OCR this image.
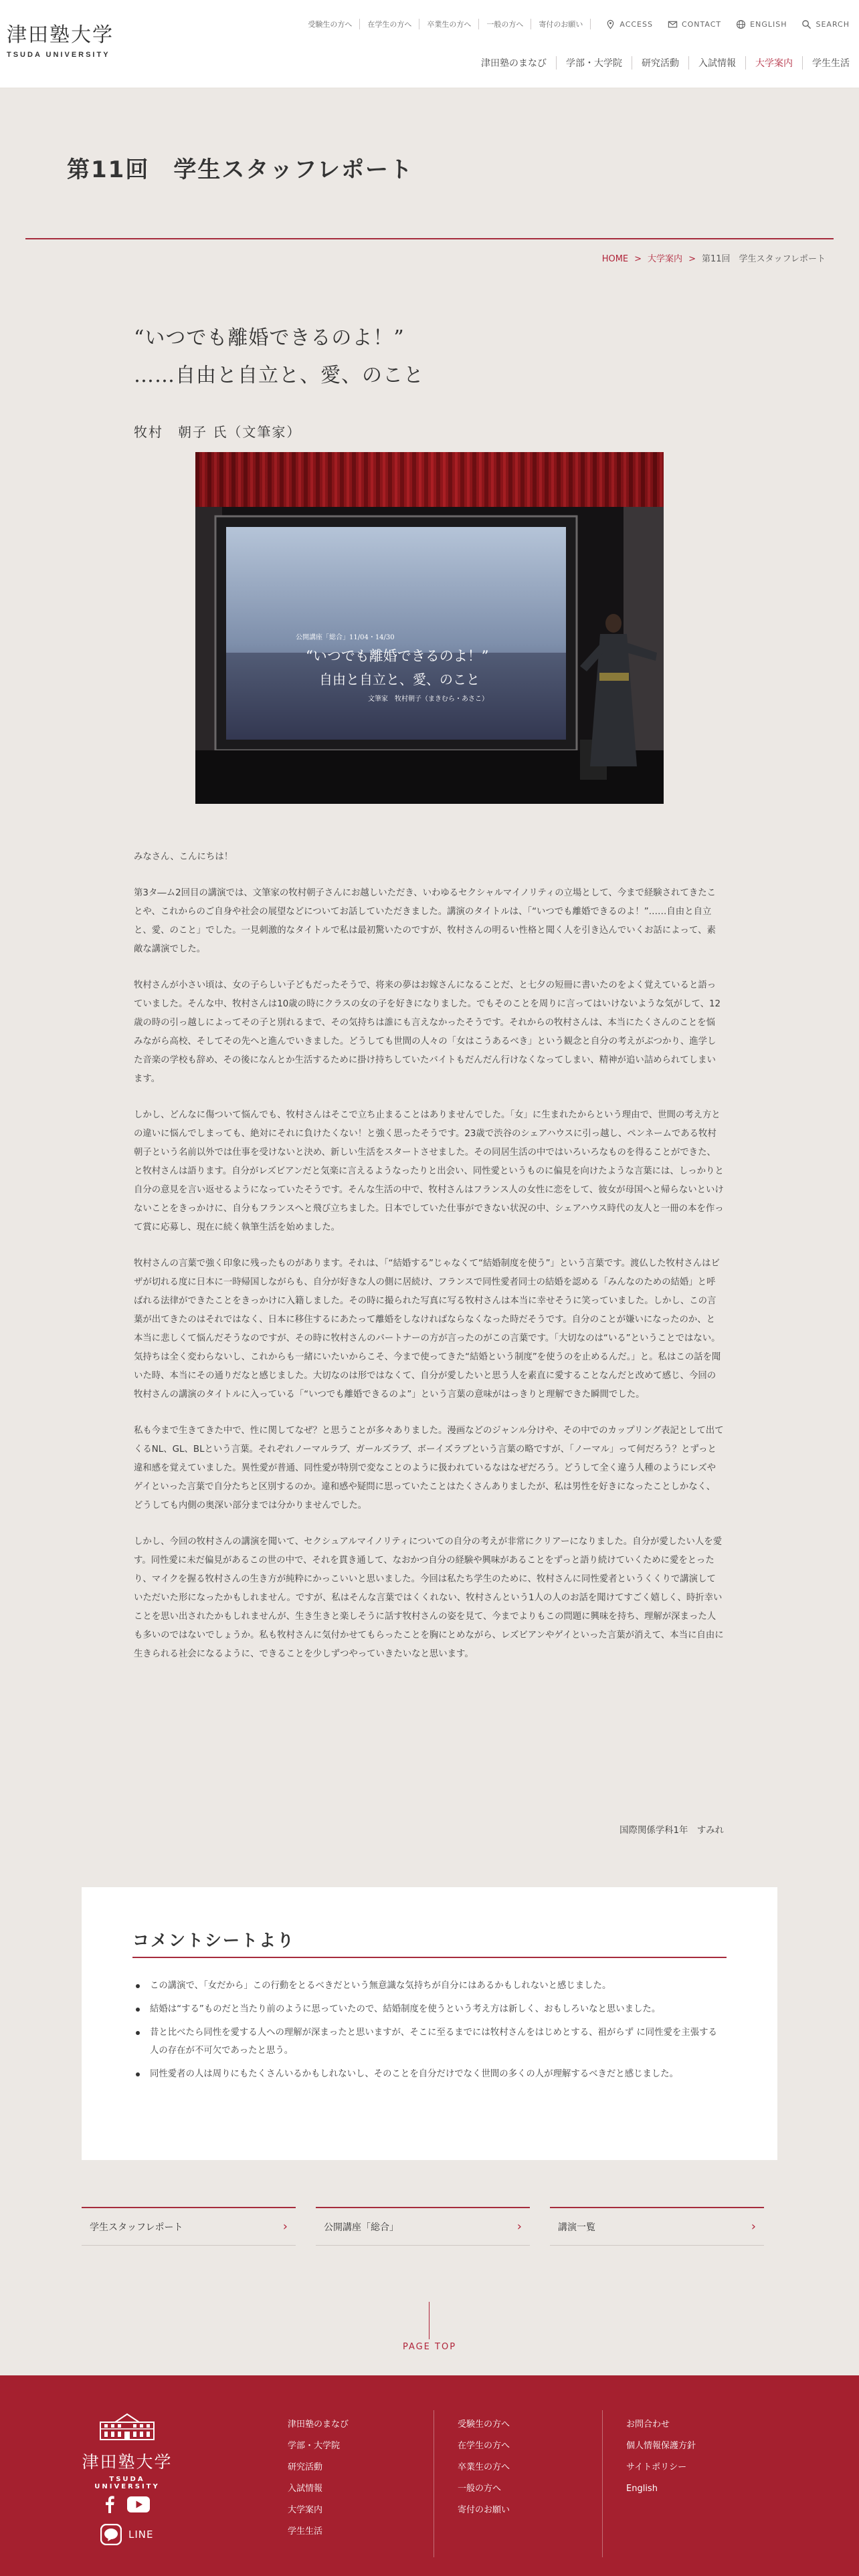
津田塾大学
TSUDA UNIVERSITY
受験生の方へ	在学生の方へ	卒業生の方へ	一般の方へ	寄付のお願い	ACCESS	CONTACT	ENGLISH	SEARCH
津田塾のまなび	学部・大学院	研究活動	入試情報	大学案内	学生生活
第11回　学生スタッフレポート
HOME > 大学案内 > 第11回　学生スタッフレポート
“いつでも離婚できるのよ！”
……自由と自立と、愛、のこと
牧村　朝子 氏（文筆家）
公開講座「総合」11/04・14/30
“いつでも離婚できるのよ！”
自由と自立と、愛、のこと
文筆家　牧村朝子（まきむら・あさこ）

みなさん、こんにちは！

第3タ―ム2回目の講演では、文筆家の牧村朝子さんにお越しいただき、いわゆるセクシャルマイノリティの立場として、今まで経験されてきたことや、これからのご自身や社会の展望などについてお話していただきました。講演のタイトルは、「“いつでも離婚できるのよ！”……自由と自立と、愛、のこと」でした。一見刺激的なタイトルで私は最初驚いたのですが、牧村さんの明るい性格と聞く人を引き込んでいくお話によって、素敵な講演でした。

牧村さんが小さい頃は、女の子らしい子どもだったそうで、将来の夢はお嫁さんになることだ、と七夕の短冊に書いたのをよく覚えていると語っていました。そんな中、牧村さんは10歳の時にクラスの女の子を好きになりました。でもそのことを周りに言ってはいけないような気がして、12歳の時の引っ越しによってその子と別れるまで、その気持ちは誰にも言えなかったそうです。それからの牧村さんは、本当にたくさんのことを悩みながら高校、そしてその先へと進んでいきました。どうしても世間の人々の「女はこうあるべき」という観念と自分の考えがぶつかり、進学した音楽の学校も辞め、その後になんとか生活するために掛け持ちしていたバイトもだんだん行けなくなってしまい、精神が追い詰められてしまいます。

しかし、どんなに傷ついて悩んでも、牧村さんはそこで立ち止まることはありませんでした。「女」に生まれたからという理由で、世間の考え方との違いに悩んでしまっても、絶対にそれに負けたくない！と強く思ったそうです。23歳で渋谷のシェアハウスに引っ越し、ペンネームである牧村朝子という名前以外では仕事を受けないと決め、新しい生活をスタートさせました。その同居生活の中ではいろいろなものを得ることができた、と牧村さんは語ります。自分がレズビアンだと気楽に言えるようなったりと出会い、同性愛というものに偏見を向けたような言葉には、しっかりと自分の意見を言い返せるようになっていたそうです。そんな生活の中で、牧村さんはフランス人の女性に恋をして、彼女が母国へと帰らないといけないことをきっかけに、自分もフランスへと飛び立ちました。日本でしていた仕事ができない状況の中、シェアハウス時代の友人と一冊の本を作って賞に応募し、現在に続く執筆生活を始めました。

牧村さんの言葉で強く印象に残ったものがあります。それは、「“結婚する”じゃなくて“結婚制度を使う”」という言葉です。渡仏した牧村さんはビザが切れる度に日本に一時帰国しながらも、自分が好きな人の側に居続け、フランスで同性愛者同士の結婚を認める「みんなのための結婚」と呼ばれる法律ができたことをきっかけに入籍しました。その時に撮られた写真に写る牧村さんは本当に幸せそうに笑っていました。しかし、この言葉が出てきたのはそれではなく、日本に移住するにあたって離婚をしなければならなくなった時だそうです。自分のことが嫌いになったのか、と本当に悲しくて悩んだそうなのですが、その時に牧村さんのパートナーの方が言ったのがこの言葉です。「大切なのは“いる”ということではない。気持ちは全く変わらないし、これからも一緒にいたいからこそ、今まで使ってきた“結婚という制度”を使うのを止めるんだ。」と。私はこの話を聞いた時、本当にその通りだなと感じました。大切なのは形ではなくて、自分が愛したいと思う人を素直に愛することなんだと改めて感じ、今回の牧村さんの講演のタイトルに入っている「“いつでも離婚できるのよ”」という言葉の意味がはっきりと理解できた瞬間でした。

私も今まで生きてきた中で、性に関してなぜ？と思うことが多々ありました。漫画などのジャンル分けや、その中でのカップリング表記として出てくるNL、GL、BLという言葉。それぞれノーマルラブ、ガールズラブ、ボーイズラブという言葉の略ですが、「ノーマル」って何だろう？とずっと違和感を覚えていました。異性愛が普通、同性愛が特別で変なことのように扱われているなはなぜだろう。どうして全く違う人種のようにレズやゲイといった言葉で自分たちと区別するのか。違和感や疑問に思っていたことはたくさんありましたが、私は男性を好きになったことしかなく、どうしても内側の奥深い部分までは分かりませんでした。

しかし、今回の牧村さんの講演を聞いて、セクシュアルマイノリティについての自分の考えが非常にクリアーになりました。自分が愛したい人を愛す。同性愛に未だ偏見があるこの世の中で、それを貫き通して、なおかつ自分の経験や興味があることをずっと語り続けていくために愛をとったり、マイクを握る牧村さんの生き方が純粋にかっこいいと思いました。今回は私たち学生のために、牧村さんに同性愛者というくくりで講演していただいた形になったかもしれません。ですが、私はそんな言葉ではくくれない、牧村さんという1人の人のお話を聞けてすごく嬉しく、時折幸いことを思い出されたかもしれませんが、生き生きと楽しそうに話す牧村さんの姿を見て、今までよりもこの問題に興味を持ち、理解が深まった人も多いのではないでしょうか。私も牧村さんに気付かせてもらったことを胸にとめながら、レズビアンやゲイといった言葉が消えて、本当に自由に生きられる社会になるように、できることを少しずつやっていきたいなと思います。

国際関係学科1年　すみれ
コメントシートより
この講演で、「女だから」この行動をとるべきだという無意識な気持ちが自分にはあるかもしれないと感じました。
結婚は“する”ものだと当たり前のように思っていたので、結婚制度を使うという考え方は新しく、おもしろいなと思いました。
昔と比べたら同性を愛する人への理解が深まったと思いますが、そこに至るまでには牧村さんをはじめとする、祖がらず に同性愛を主張する人の存在が不可欠であったと思う。
同性愛者の人は周りにもたくさんいるかもしれないし、そのことを自分だけでなく世間の多くの人が理解するべきだと感じました。
学生スタッフレポート	›	公開講座「総合」	›	講演一覧	›
PAGE TOP
津田塾大学
TSUDA UNIVERSITY
LINE
津田塾のまなび
学部・大学院
研究活動
入試情報
大学案内
学生生活
受験生の方へ
在学生の方へ
卒業生の方へ
一般の方へ
寄付のお願い
お問合わせ
個人情報保護方針
サイトポリシー
English
